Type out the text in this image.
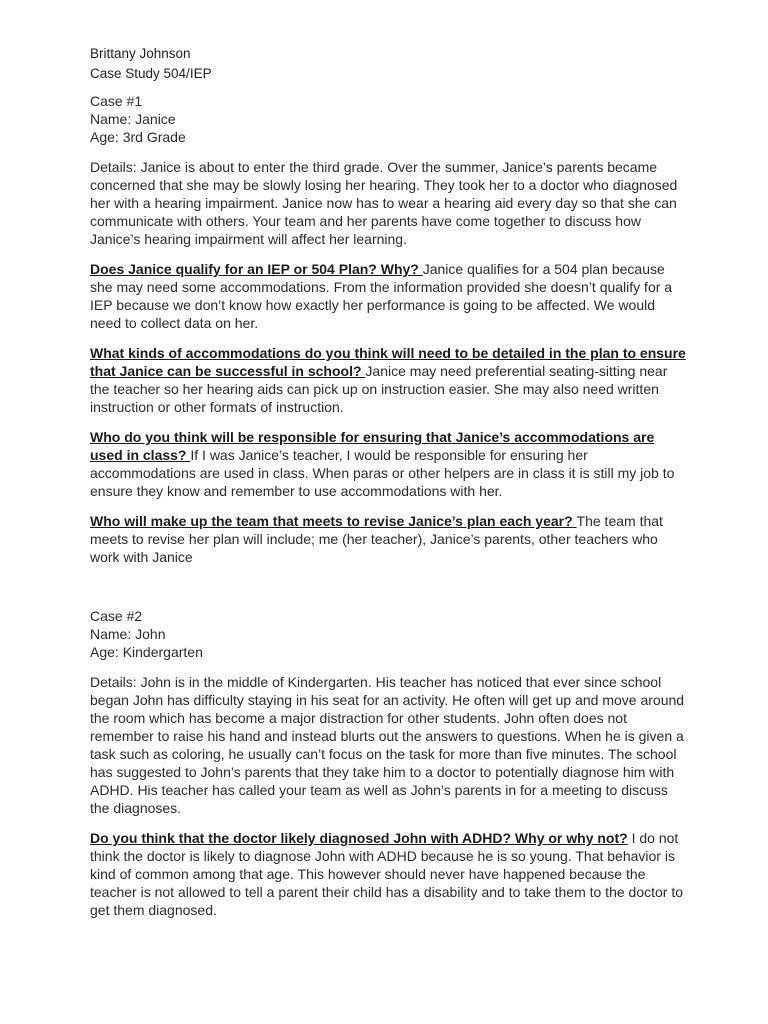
Brittany Johnson
Case Study 504/IEP
Case #1
Name: Janice
Age: 3rd Grade
Details: Janice is about to enter the third grade. Over the summer, Janice’s parents became concerned that she may be slowly losing her hearing. They took her to a doctor who diagnosed her with a hearing impairment. Janice now has to wear a hearing aid every day so that she can communicate with others. Your team and her parents have come together to discuss how Janice’s hearing impairment will affect her learning.
Does Janice qualify for an IEP or 504 Plan? Why? Janice qualifies for a 504 plan because she may need some accommodations. From the information provided she doesn’t qualify for a IEP because we don’t know how exactly her performance is going to be affected. We would need to collect data on her.
What kinds of accommodations do you think will need to be detailed in the plan to ensure that Janice can be successful in school? Janice may need preferential seating-sitting near the teacher so her hearing aids can pick up on instruction easier. She may also need written instruction or other formats of instruction.
Who do you think will be responsible for ensuring that Janice’s accommodations are used in class? If I was Janice’s teacher, I would be responsible for ensuring her accommodations are used in class. When paras or other helpers are in class it is still my job to ensure they know and remember to use accommodations with her.
Who will make up the team that meets to revise Janice’s plan each year? The team that meets to revise her plan will include; me (her teacher), Janice’s parents, other teachers who work with Janice
Case #2
Name: John
Age: Kindergarten
Details: John is in the middle of Kindergarten. His teacher has noticed that ever since school began John has difficulty staying in his seat for an activity. He often will get up and move around the room which has become a major distraction for other students. John often does not remember to raise his hand and instead blurts out the answers to questions. When he is given a task such as coloring, he usually can’t focus on the task for more than five minutes. The school has suggested to John’s parents that they take him to a doctor to potentially diagnose him with ADHD. His teacher has called your team as well as John’s parents in for a meeting to discuss the diagnoses.
Do you think that the doctor likely diagnosed John with ADHD? Why or why not? I do not think the doctor is likely to diagnose John with ADHD because he is so young. That behavior is kind of common among that age. This however should never have happened because the teacher is not allowed to tell a parent their child has a disability and to take them to the doctor to get them diagnosed.
